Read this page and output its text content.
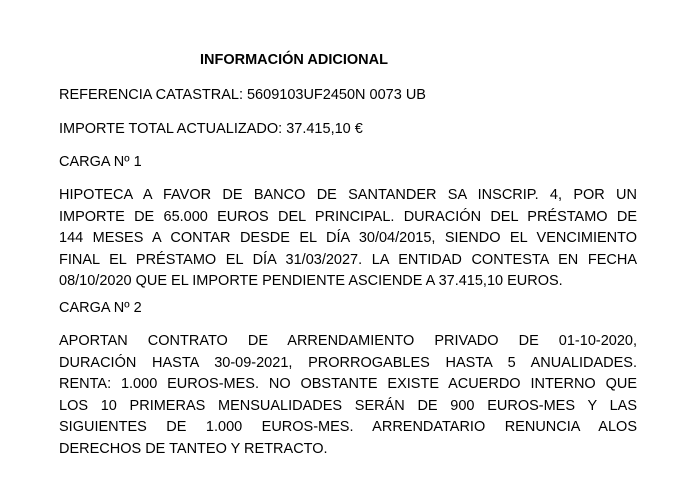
INFORMACIÓN ADICIONAL

REFERENCIA CATASTRAL: 5609103UF2450N 0073 UB

IMPORTE TOTAL ACTUALIZADO: 37.415,10 €

CARGA Nº 1

HIPOTECA A FAVOR DE BANCO DE SANTANDER SA INSCRIP. 4, POR UN
IMPORTE DE 65.000 EUROS DEL PRINCIPAL. DURACIÓN DEL PRÉSTAMO DE
144 MESES A CONTAR DESDE EL DÍA 30/04/2015, SIENDO EL VENCIMIENTO
FINAL EL PRÉSTAMO EL DÍA 31/03/2027. LA ENTIDAD CONTESTA EN FECHA
08/10/2020 QUE EL IMPORTE PENDIENTE ASCIENDE A 37.415,10 EUROS.

CARGA Nº 2

APORTAN CONTRATO DE ARRENDAMIENTO PRIVADO DE 01-10-2020,
DURACIÓN HASTA 30-09-2021, PRORROGABLES HASTA 5 ANUALIDADES.
RENTA: 1.000 EUROS-MES. NO OBSTANTE EXISTE ACUERDO INTERNO QUE
LOS 10 PRIMERAS MENSUALIDADES SERÁN DE 900 EUROS-MES Y LAS
SIGUIENTES DE 1.000 EUROS-MES. ARRENDATARIO RENUNCIA ALOS
DERECHOS DE TANTEO Y RETRACTO.
